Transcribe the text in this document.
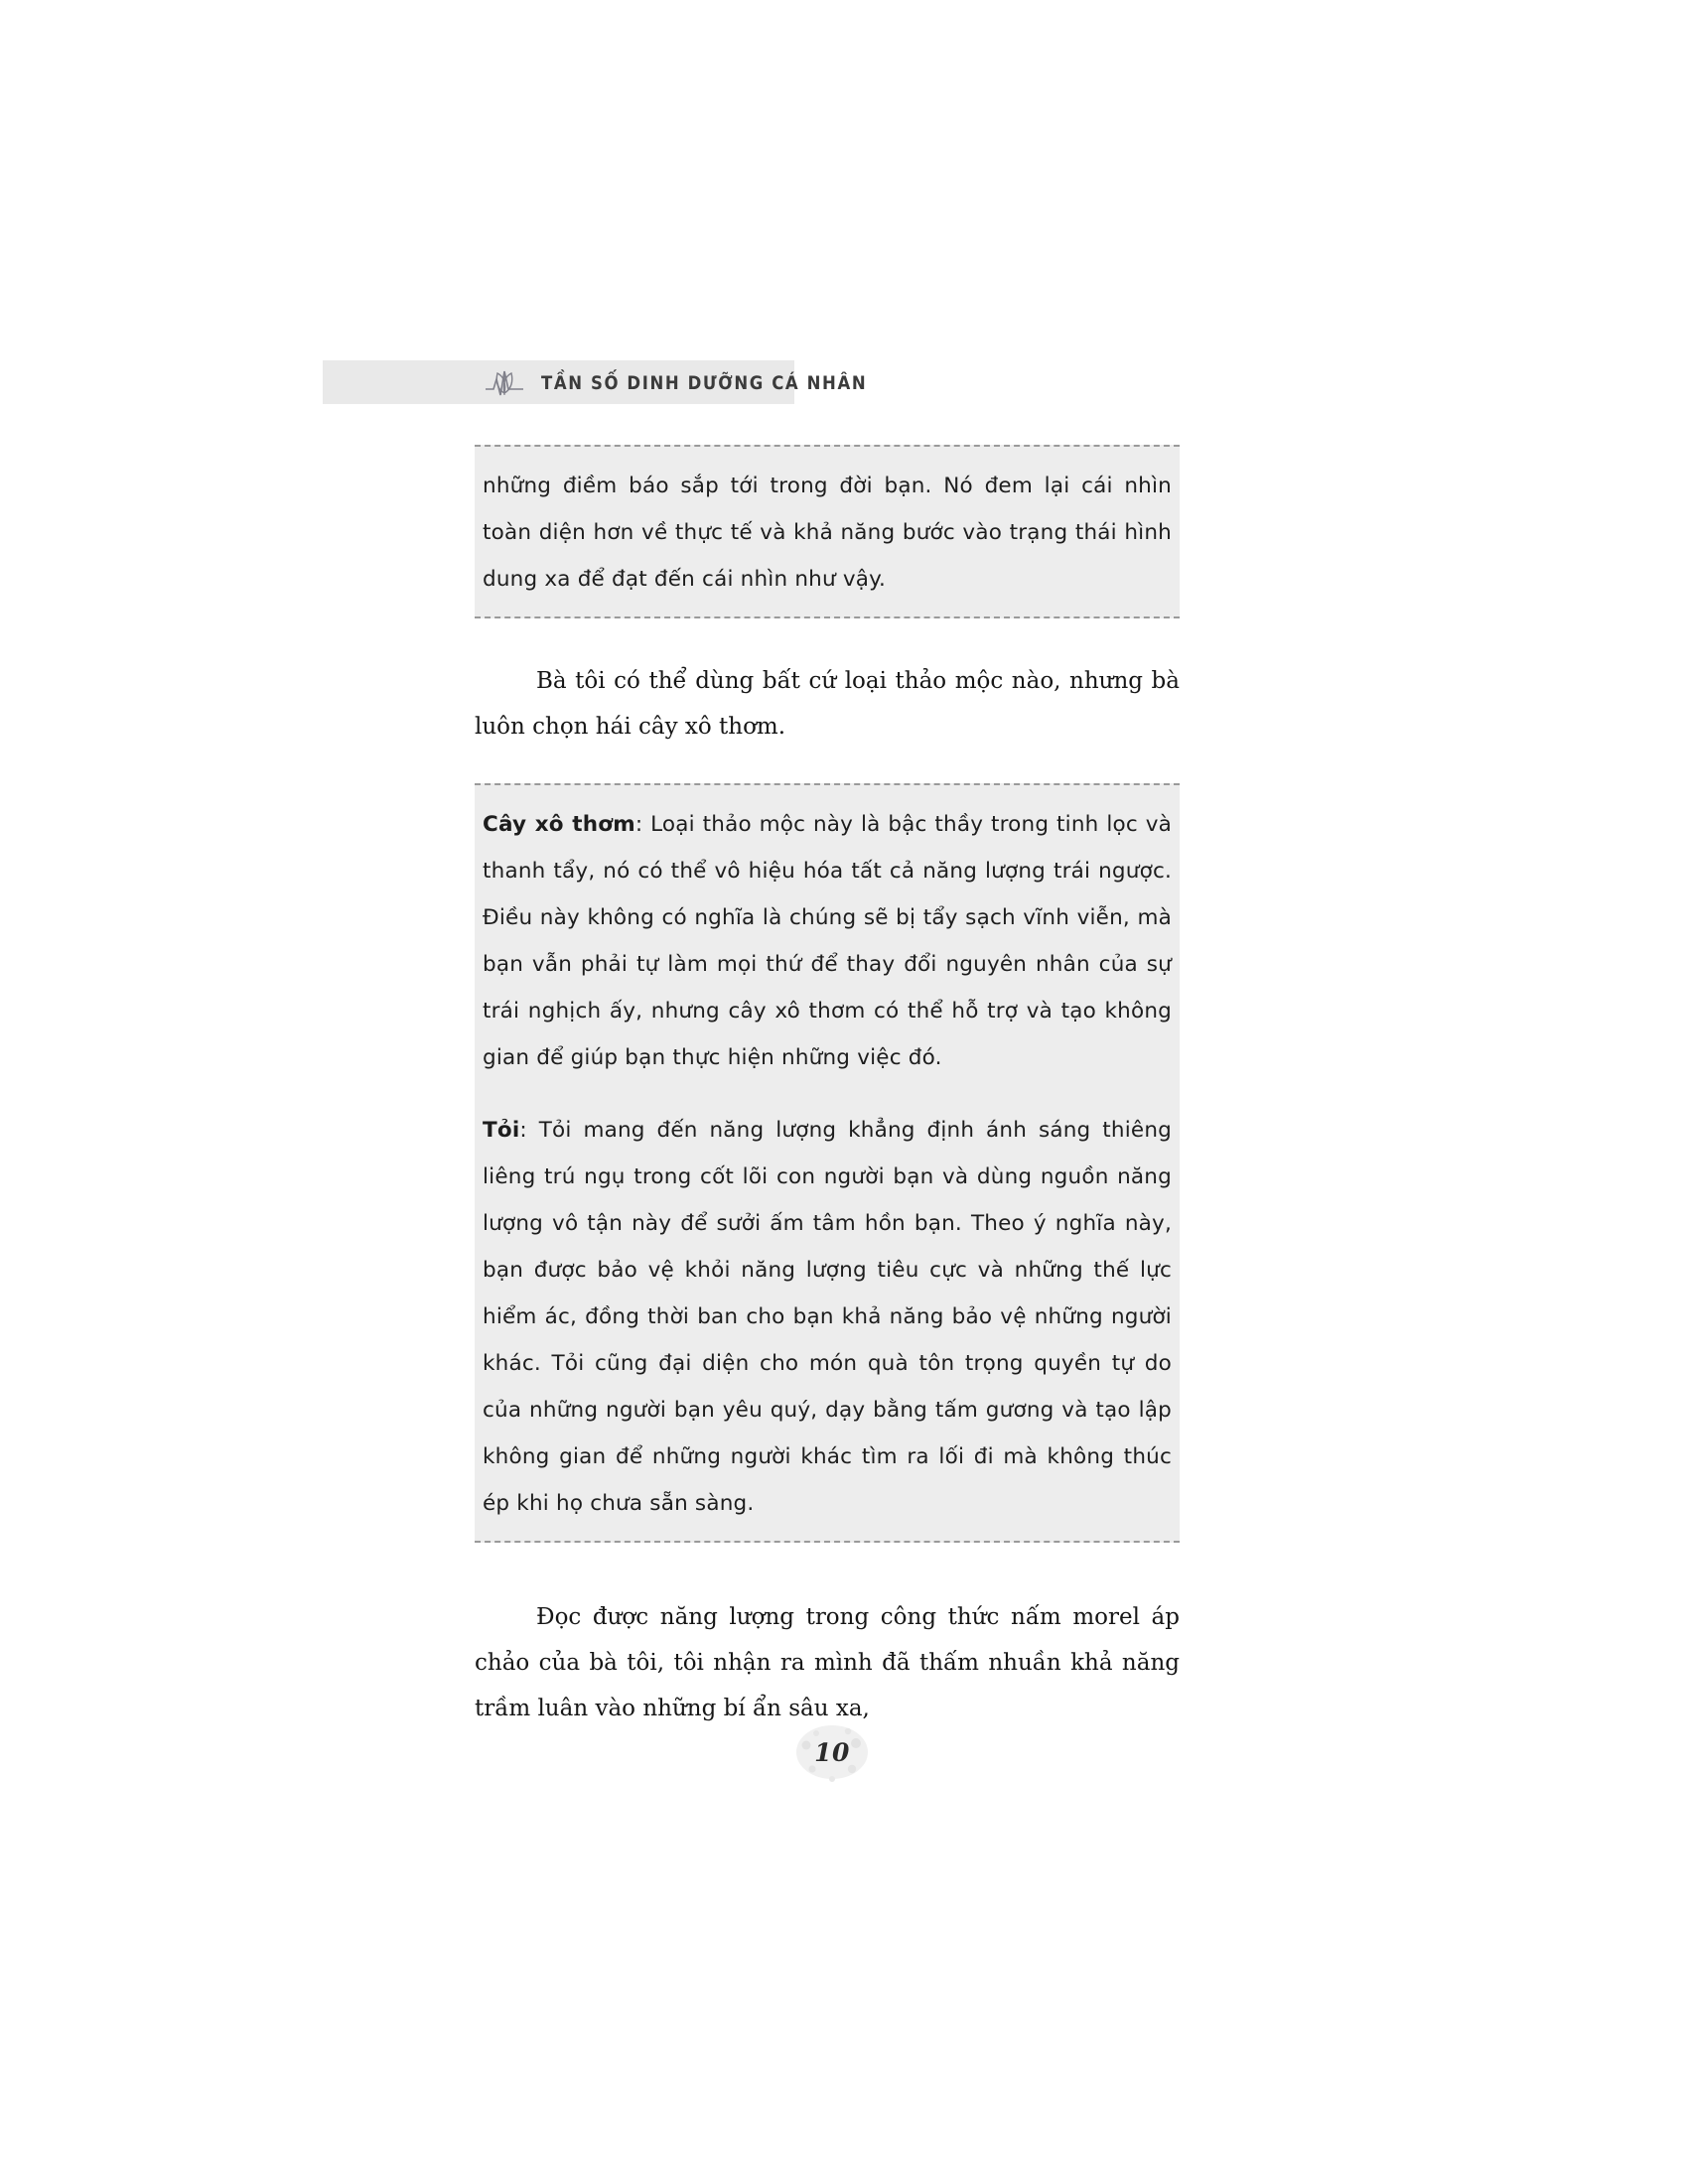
TẦN SỐ DINH DƯỠNG CÁ NHÂN

những điềm báo sắp tới trong đời bạn. Nó đem lại cái nhìn toàn diện hơn về thực tế và khả năng bước vào trạng thái hình dung xa để đạt đến cái nhìn như vậy.

Bà tôi có thể dùng bất cứ loại thảo mộc nào, nhưng bà luôn chọn hái cây xô thơm.

Cây xô thơm: Loại thảo mộc này là bậc thầy trong tinh lọc và thanh tẩy, nó có thể vô hiệu hóa tất cả năng lượng trái ngược. Điều này không có nghĩa là chúng sẽ bị tẩy sạch vĩnh viễn, mà bạn vẫn phải tự làm mọi thứ để thay đổi nguyên nhân của sự trái nghịch ấy, nhưng cây xô thơm có thể hỗ trợ và tạo không gian để giúp bạn thực hiện những việc đó.

Tỏi: Tỏi mang đến năng lượng khẳng định ánh sáng thiêng liêng trú ngụ trong cốt lõi con người bạn và dùng nguồn năng lượng vô tận này để sưởi ấm tâm hồn bạn. Theo ý nghĩa này, bạn được bảo vệ khỏi năng lượng tiêu cực và những thế lực hiểm ác, đồng thời ban cho bạn khả năng bảo vệ những người khác. Tỏi cũng đại diện cho món quà tôn trọng quyền tự do của những người bạn yêu quý, dạy bằng tấm gương và tạo lập không gian để những người khác tìm ra lối đi mà không thúc ép khi họ chưa sẵn sàng.

Đọc được năng lượng trong công thức nấm morel áp chảo của bà tôi, tôi nhận ra mình đã thấm nhuần khả năng trầm luân vào những bí ẩn sâu xa,

10
